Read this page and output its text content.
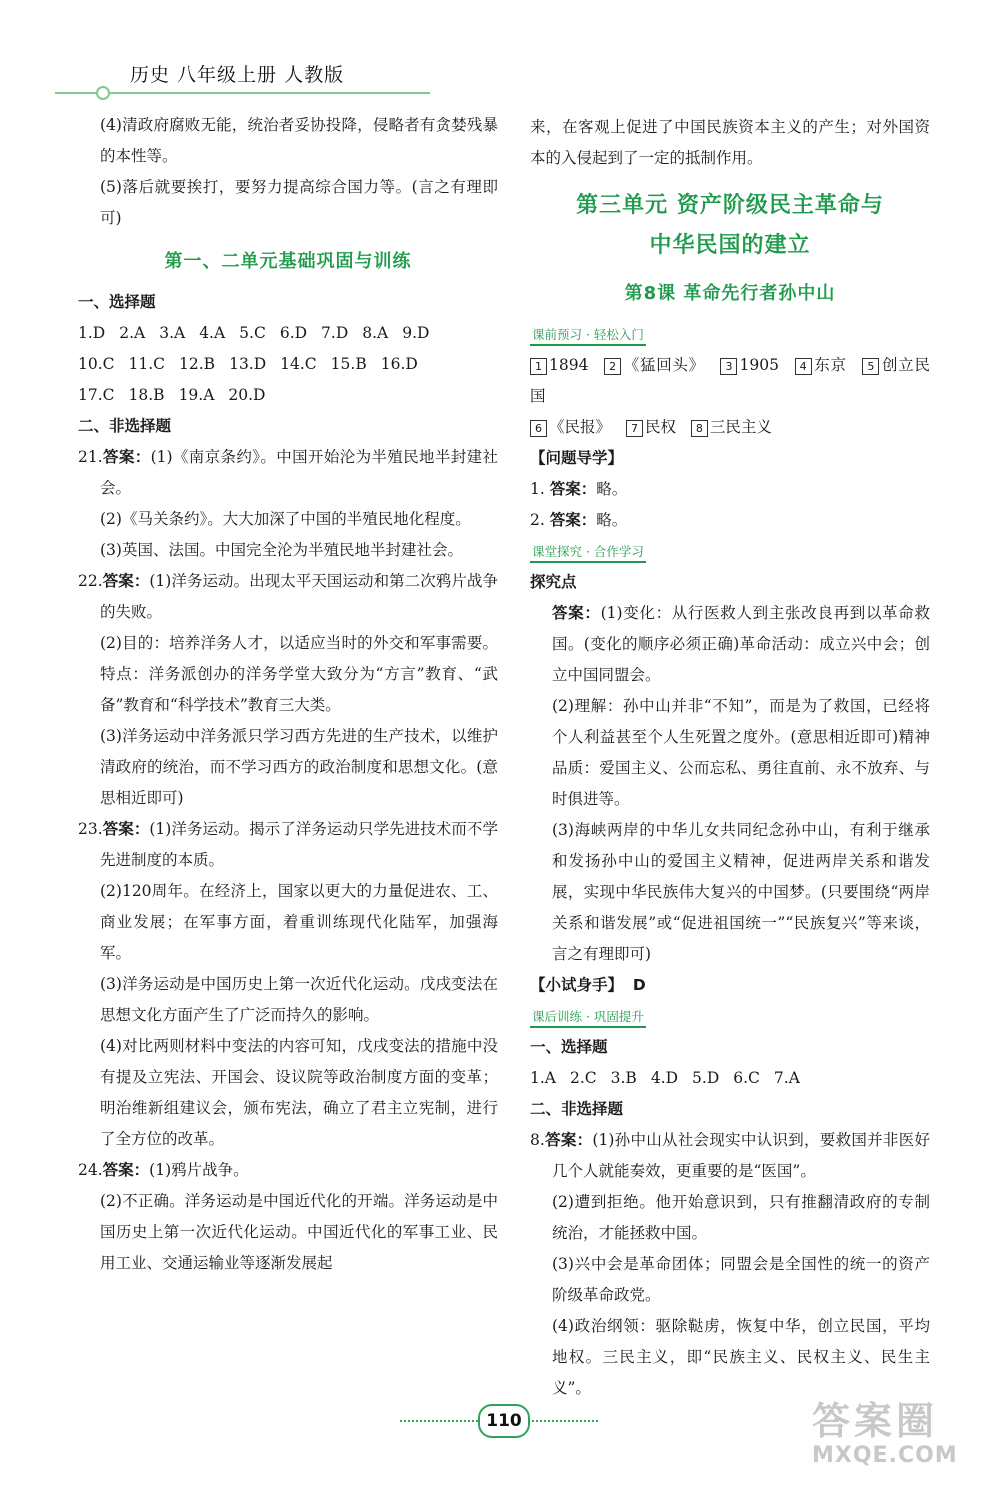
历史 八年级上册 人教版

(4)清政府腐败无能，统治者妥协投降，侵略者有贪婪残暴的本性等。

(5)落后就要挨打，要努力提高综合国力等。(言之有理即可)

第一、二单元基础巩固与训练

一、选择题

1.D 2.A 3.A 4.A 5.C 6.D 7.D 8.A 9.D
10.C 11.C 12.B 13.D 14.C 15.B 16.D
17.C 18.B 19.A 20.D

二、非选择题

21.答案：(1)《南京条约》。中国开始沦为半殖民地半封建社会。

(2)《马关条约》。大大加深了中国的半殖民地化程度。

(3)英国、法国。中国完全沦为半殖民地半封建社会。

22.答案：(1)洋务运动。出现太平天国运动和第二次鸦片战争的失败。

(2)目的：培养洋务人才，以适应当时的外交和军事需要。特点：洋务派创办的洋务学堂大致分为“方言”教育、“武备”教育和“科学技术”教育三大类。

(3)洋务运动中洋务派只学习西方先进的生产技术，以维护清政府的统治，而不学习西方的政治制度和思想文化。(意思相近即可)

23.答案：(1)洋务运动。揭示了洋务运动只学先进技术而不学先进制度的本质。

(2)120周年。在经济上，国家以更大的力量促进农、工、商业发展；在军事方面，着重训练现代化陆军，加强海军。

(3)洋务运动是中国历史上第一次近代化运动。戊戌变法在思想文化方面产生了广泛而持久的影响。

(4)对比两则材料中变法的内容可知，戊戌变法的措施中没有提及立宪法、开国会、设议院等政治制度方面的变革；明治维新组建议会，颁布宪法，确立了君主立宪制，进行了全方位的改革。

24.答案：(1)鸦片战争。

(2)不正确。洋务运动是中国近代化的开端。洋务运动是中国历史上第一次近代化运动。中国近代化的军事工业、民用工业、交通运输业等逐渐发展起

来，在客观上促进了中国民族资本主义的产生；对外国资本的入侵起到了一定的抵制作用。

第三单元 资产阶级民主革命与
中华民国的建立
第8课 革命先行者孙中山
课前预习 · 轻松入门
1 1894 2 《猛回头》 3 1905 4 东京 5 创立民国
6 《民报》 7 民权 8 三民主义

【问题导学】

1. 答案：略。

2. 答案：略。

课堂探究 · 合作学习

探究点

答案：(1)变化：从行医救人到主张改良再到以革命救国。(变化的顺序必须正确)革命活动：成立兴中会；创立中国同盟会。

(2)理解：孙中山并非“不知”，而是为了救国，已经将个人利益甚至个人生死置之度外。(意思相近即可)精神品质：爱国主义、公而忘私、勇往直前、永不放弃、与时俱进等。

(3)海峡两岸的中华儿女共同纪念孙中山，有利于继承和发扬孙中山的爱国主义精神，促进两岸关系和谐发展，实现中华民族伟大复兴的中国梦。(只要围绕“两岸关系和谐发展”或“促进祖国统一”“民族复兴”等来谈，言之有理即可)

【小试身手】 D

课后训练 · 巩固提升

一、选择题

1.A 2.C 3.B 4.D 5.D 6.C 7.A

二、非选择题

8.答案：(1)孙中山从社会现实中认识到，要救国并非医好几个人就能奏效，更重要的是“医国”。

(2)遭到拒绝。他开始意识到，只有推翻清政府的专制统治，才能拯救中国。

(3)兴中会是革命团体；同盟会是全国性的统一的资产阶级革命政党。

(4)政治纲领：驱除鞑虏，恢复中华，创立民国，平均地权。三民主义，即“民族主义、民权主义、民生主义”。

110	答案圈
MXQE.COM
